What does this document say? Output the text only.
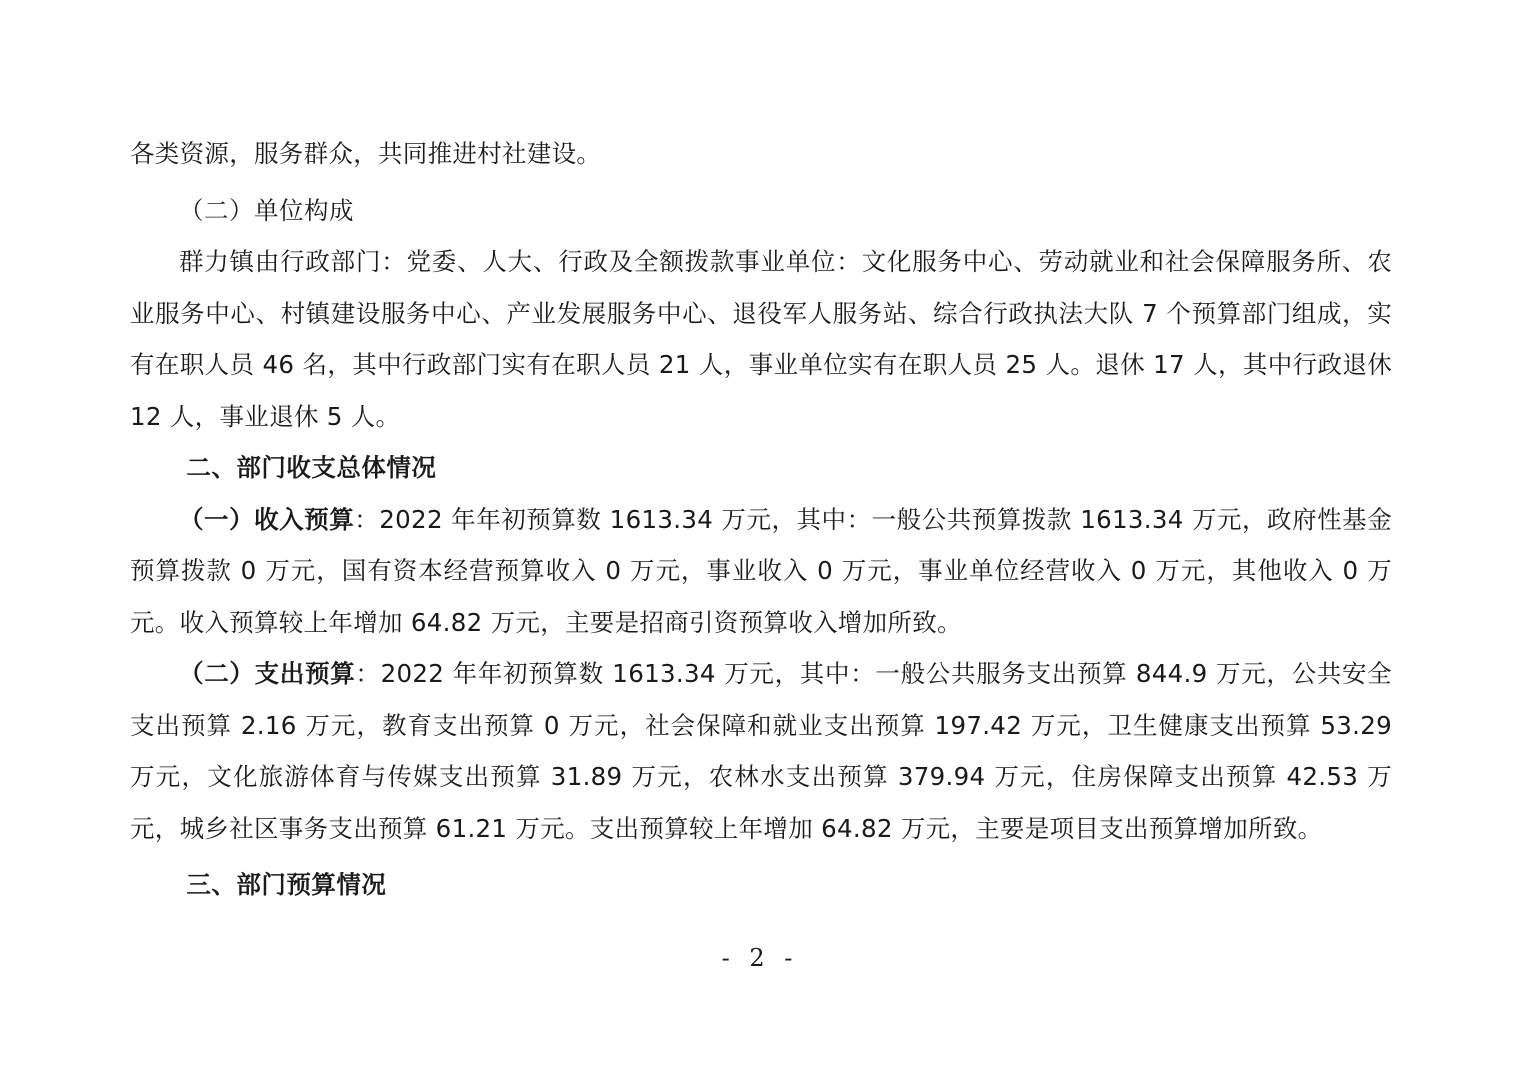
各类资源，服务群众，共同推进村社建设。

（二）单位构成

群力镇由行政部门：党委、人大、行政及全额拨款事业单位：文化服务中心、劳动就业和社会保障服务所、农业服务中心、村镇建设服务中心、产业发展服务中心、退役军人服务站、综合行政执法大队 7 个预算部门组成，实有在职人员 46 名，其中行政部门实有在职人员 21 人，事业单位实有在职人员 25 人。退休 17 人，其中行政退休 12 人，事业退休 5 人。

二、部门收支总体情况

（一）收入预算：2022 年年初预算数 1613.34 万元，其中：一般公共预算拨款 1613.34 万元，政府性基金预算拨款 0 万元，国有资本经营预算收入 0 万元，事业收入 0 万元，事业单位经营收入 0 万元，其他收入 0 万元。收入预算较上年增加 64.82 万元，主要是招商引资预算收入增加所致。

（二）支出预算：2022 年年初预算数 1613.34 万元，其中：一般公共服务支出预算 844.9 万元，公共安全支出预算 2.16 万元，教育支出预算 0 万元，社会保障和就业支出预算 197.42 万元，卫生健康支出预算 53.29 万元，文化旅游体育与传媒支出预算 31.89 万元，农林水支出预算 379.94 万元，住房保障支出预算 42.53 万元，城乡社区事务支出预算 61.21 万元。支出预算较上年增加 64.82 万元，主要是项目支出预算增加所致。

三、部门预算情况

- 2 -
